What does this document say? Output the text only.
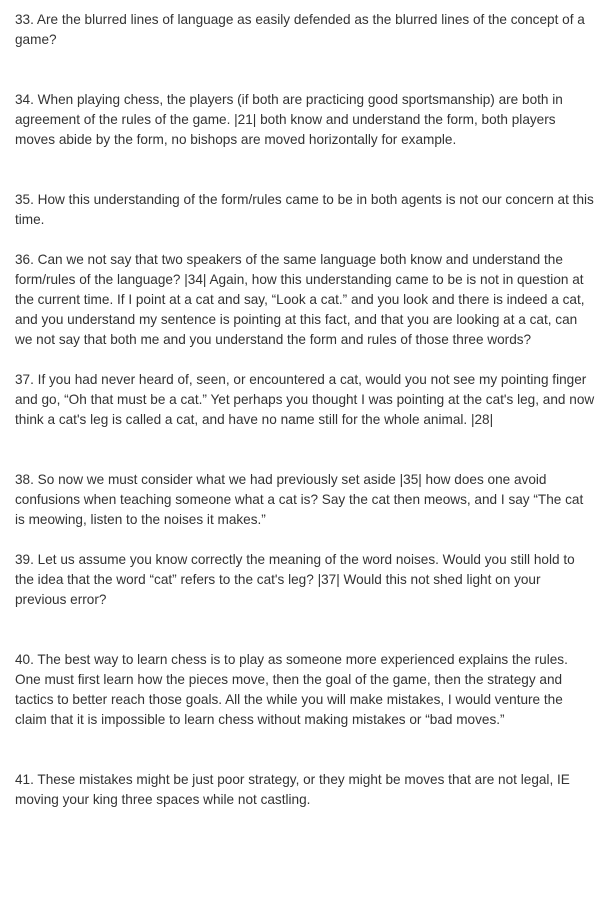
33. Are the blurred lines of language as easily defended as the blurred lines of the concept of a game?

34. When playing chess, the players (if both are practicing good sportsmanship) are both in agreement of the rules of the game. |21| both know and understand the form, both players moves abide by the form, no bishops are moved horizontally for example.

35. How this understanding of the form/rules came to be in both agents is not our concern at this time.

36. Can we not say that two speakers of the same language both know and understand the form/rules of the language? |34| Again, how this understanding came to be is not in question at the current time. If I point at a cat and say, “Look a cat.” and you look and there is indeed a cat, and you understand my sentence is pointing at this fact, and that you are looking at a cat, can we not say that both me and you understand the form and rules of those three words?

37. If you had never heard of, seen, or encountered a cat, would you not see my pointing finger and go, “Oh that must be a cat.” Yet perhaps you thought I was pointing at the cat's leg, and now think a cat's leg is called a cat, and have no name still for the whole animal. |28|

38. So now we must consider what we had previously set aside |35| how does one avoid confusions when teaching someone what a cat is? Say the cat then meows, and I say “The cat is meowing, listen to the noises it makes.”

39. Let us assume you know correctly the meaning of the word noises. Would you still hold to the idea that the word “cat” refers to the cat's leg? |37| Would this not shed light on your previous error?

40. The best way to learn chess is to play as someone more experienced explains the rules. One must first learn how the pieces move, then the goal of the game, then the strategy and tactics to better reach those goals. All the while you will make mistakes, I would venture the claim that it is impossible to learn chess without making mistakes or “bad moves.”

41. These mistakes might be just poor strategy, or they might be moves that are not legal, IE moving your king three spaces while not castling.
